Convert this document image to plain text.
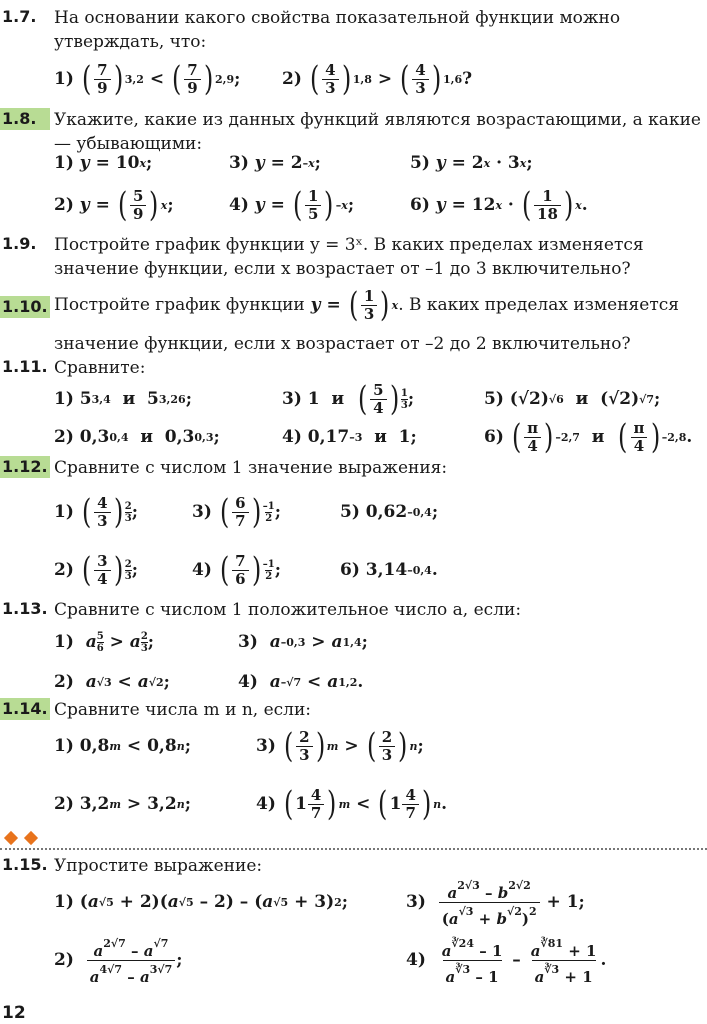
1.7.	На основании какого свойства показательной функции можно утверждать, что:
1) ( 7
9 ) 3,2 < ( 7
9 ) 2,9 ; 2) ( 4
3 ) 1,8 > ( 4
3 ) 1,6 ?
1.8.	Укажите, какие из данных функций являются возрастающими, а какие — убывающими:
1) y = 10 x ;	3) y = 2 –x ;	5) y = 2 x · 3 x ;
2) y = ( 5
9 ) x ;	4) y = ( 1
5 ) –x ;	6) y = 12 x · ( 1
18 ) x .
1.9.	Постройте график функции y = 3ˣ. В каких пределах изменяется значение функции, если x возрастает от –1 до 3 включительно?
1.10. Постройте график функции
y = ( 1
3 ) x . В каких пределах изменяется
значение функции, если x возрастает от –2 до 2 включительно?
1.11. Сравните:
1) 5 3,4 и  5 3,26 ;	3) 1  и ( 5
4 ) 1
3 ;	5) (√2) √6 и  (√2) √7 ;
2) 0,3 0,4 и  0,3 0,3 ;	4) 0,17 –3 и  1;	6) ( π
4 ) –2,7 и ( π
4 ) –2,8 .
1.12. Сравните с числом 1 значение выражения:
1) ( 4
3 ) 2
3 ;	3) ( 6
7 ) –1
2 ;	5) 0,62 –0,4 ;
2) ( 3
4 ) 2
3 ;	4) ( 7
6 ) –1
2 ;	6) 3,14 –0,4 .
1.13. Сравните с числом 1 положительное число a, если:
1) a 5
6 > a 2
3 ;	3) a –0,3 > a 1,4 ;
2) a √3 < a √2 ;	4) a –√7 < a 1,2 .
1.14. Сравните числа m и n, если:
1) 0,8 m < 0,8 n ;	3) ( 2
3 ) m > ( 2
3 ) n ;
2) 3,2 m > 3,2 n ;	4) ( 1 4
7 ) m < ( 1 4
7 ) n .
1.15. Упростите выражение:
1) ( a √5 + 2)( a √5 – 2) – ( a √5 + 3) 2 ;	3) $a^{2√3} - b^{2√2}$
$(a^{√3} + b^{√2})^2 + 1$;
2) $a^{2√7} - a^{√7}$
$a^{4√7} - a^{3√7}$ ;	4) $a^{∛24} - 1$
$a^{∛3} - 1$
– $a^{∛81} + 1$
$a^{∛3} + 1$
.
12
